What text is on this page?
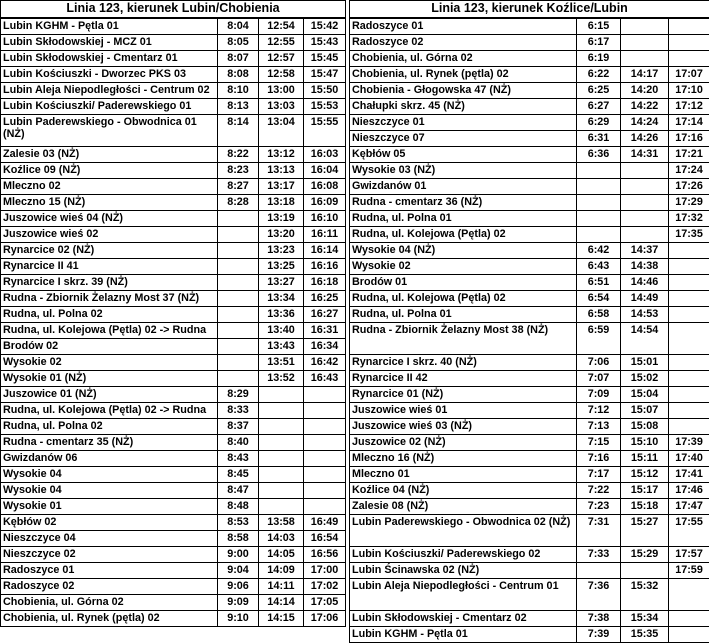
Linia 123, kierunek Lubin/Chobienia			
Lubin KGHM - Pętla 01	8:04	12:54	15:42
Lubin Skłodowskiej - MCZ 01	8:05	12:55	15:43
Lubin Skłodowskiej - Cmentarz 01	8:07	12:57	15:45
Lubin Kościuszki - Dworzec PKS 03	8:08	12:58	15:47
Lubin Aleja Niepodległości - Centrum 02	8:10	13:00	15:50
Lubin Kościuszki/ Paderewskiego 01	8:13	13:03	15:53
Lubin Paderewskiego - Obwodnica 01 (NŻ)	8:14	13:04	15:55
Zalesie 03 (NŻ)	8:22	13:12	16:03
Koźlice 09 (NŻ)	8:23	13:13	16:04
Mleczno 02	8:27	13:17	16:08
Mleczno 15 (NŻ)	8:28	13:18	16:09
Juszowice wieś 04 (NŻ)		13:19	16:10
Juszowice wieś 02		13:20	16:11
Rynarcice 02 (NŻ)		13:23	16:14
Rynarcice II 41		13:25	16:16
Rynarcice I skrz. 39 (NŻ)		13:27	16:18
Rudna - Zbiornik Żelazny Most 37 (NŻ)		13:34	16:25
Rudna, ul. Polna 02		13:36	16:27
Rudna, ul. Kolejowa (Pętla) 02 -> Rudna		13:40	16:31
Brodów 02		13:43	16:34
Wysokie 02		13:51	16:42
Wysokie 01 (NŻ)		13:52	16:43
Juszowice 01 (NŻ)	8:29		
Rudna, ul. Kolejowa (Pętla) 02 -> Rudna	8:33		
Rudna, ul. Polna 02	8:37		
Rudna - cmentarz 35 (NŻ)	8:40		
Gwizdanów 06	8:43		
Wysokie 04	8:45		
Wysokie 04	8:47		
Wysokie 01	8:48		
Kębłów 02	8:53	13:58	16:49
Nieszczyce 04	8:58	14:03	16:54
Nieszczyce 02	9:00	14:05	16:56
Radoszyce 01	9:04	14:09	17:00
Radoszyce 02	9:06	14:11	17:02
Chobienia, ul. Górna 02	9:09	14:14	17:05
Chobienia, ul. Rynek (pętla) 02	9:10	14:15	17:06
Linia 123, kierunek Koźlice/Lubin			
Radoszyce 01	6:15		
Radoszyce 02	6:17		
Chobienia, ul. Górna 02	6:19		
Chobienia, ul. Rynek (pętla) 02	6:22	14:17	17:07
Chobienia - Głogowska 47 (NŻ)	6:25	14:20	17:10
Chałupki skrz. 45 (NŻ)	6:27	14:22	17:12
Nieszczyce 01	6:29	14:24	17:14
Nieszczyce 07	6:31	14:26	17:16
Kębłów 05	6:36	14:31	17:21
Wysokie 03 (NŻ)			17:24
Gwizdanów 01			17:26
Rudna - cmentarz 36 (NŻ)			17:29
Rudna, ul. Polna 01			17:32
Rudna, ul. Kolejowa (Pętla) 02			17:35
Wysokie 04 (NŻ)	6:42	14:37	
Wysokie 02	6:43	14:38	
Brodów 01	6:51	14:46	
Rudna, ul. Kolejowa (Pętla) 02	6:54	14:49	
Rudna, ul. Polna 01	6:58	14:53	
Rudna - Zbiornik Żelazny Most 38 (NŻ)	6:59	14:54	
Rynarcice I skrz. 40 (NŻ)	7:06	15:01	
Rynarcice II 42	7:07	15:02	
Rynarcice 01 (NŻ)	7:09	15:04	
Juszowice wieś 01	7:12	15:07	
Juszowice wieś 03 (NŻ)	7:13	15:08	
Juszowice 02 (NŻ)	7:15	15:10	17:39
Mleczno 16 (NŻ)	7:16	15:11	17:40
Mleczno 01	7:17	15:12	17:41
Koźlice 04 (NŻ)	7:22	15:17	17:46
Zalesie 08 (NŻ)	7:23	15:18	17:47
Lubin Paderewskiego - Obwodnica 02 (NŻ)	7:31	15:27	17:55
Lubin Kościuszki/ Paderewskiego 02	7:33	15:29	17:57
Lubin Ścinawska 02 (NŻ)			17:59
Lubin Aleja Niepodległości - Centrum 01	7:36	15:32	
Lubin Skłodowskiej - Cmentarz 02	7:38	15:34	
Lubin KGHM - Pętla 01	7:39	15:35	
